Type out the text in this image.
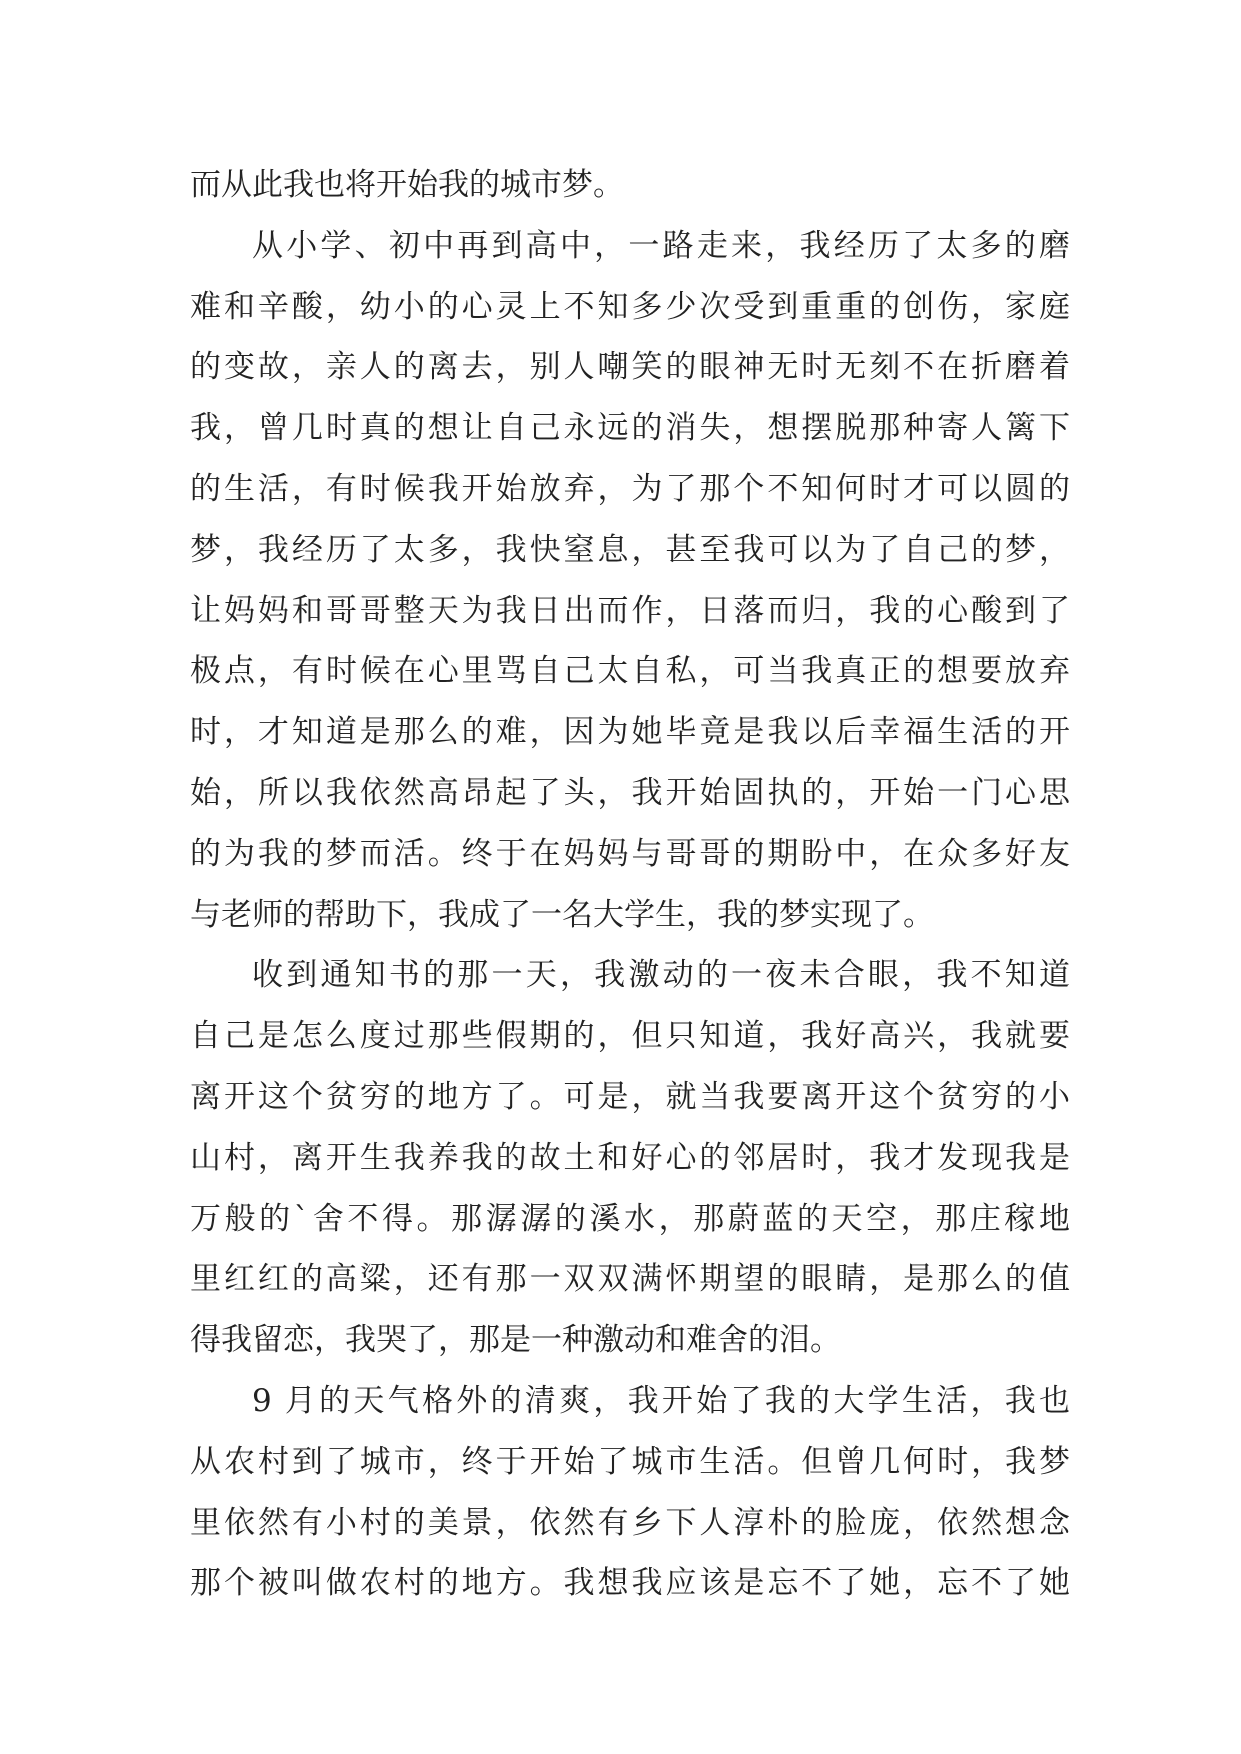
而从此我也将开始我的城市梦。
从小学、初中再到高中，一路走来，我经历了太多的磨
难和辛酸，幼小的心灵上不知多少次受到重重的创伤，家庭
的变故，亲人的离去，别人嘲笑的眼神无时无刻不在折磨着
我，曾几时真的想让自己永远的消失，想摆脱那种寄人篱下
的生活，有时候我开始放弃，为了那个不知何时才可以圆的
梦，我经历了太多，我快窒息，甚至我可以为了自己的梦，
让妈妈和哥哥整天为我日出而作，日落而归，我的心酸到了
极点，有时候在心里骂自己太自私，可当我真正的想要放弃
时，才知道是那么的难，因为她毕竟是我以后幸福生活的开
始，所以我依然高昂起了头，我开始固执的，开始一门心思
的为我的梦而活。终于在妈妈与哥哥的期盼中，在众多好友
与老师的帮助下，我成了一名大学生，我的梦实现了。
收到通知书的那一天，我激动的一夜未合眼，我不知道
自己是怎么度过那些假期的，但只知道，我好高兴，我就要
离开这个贫穷的地方了。可是，就当我要离开这个贫穷的小
山村，离开生我养我的故土和好心的邻居时，我才发现我是
万般的`舍不得。那潺潺的溪水，那蔚蓝的天空，那庄稼地
里红红的高粱，还有那一双双满怀期望的眼睛，是那么的值
得我留恋，我哭了，那是一种激动和难舍的泪。
9 月的天气格外的清爽，我开始了我的大学生活，我也
从农村到了城市，终于开始了城市生活。但曾几何时，我梦
里依然有小村的美景，依然有乡下人淳朴的脸庞，依然想念
那个被叫做农村的地方。我想我应该是忘不了她，忘不了她
